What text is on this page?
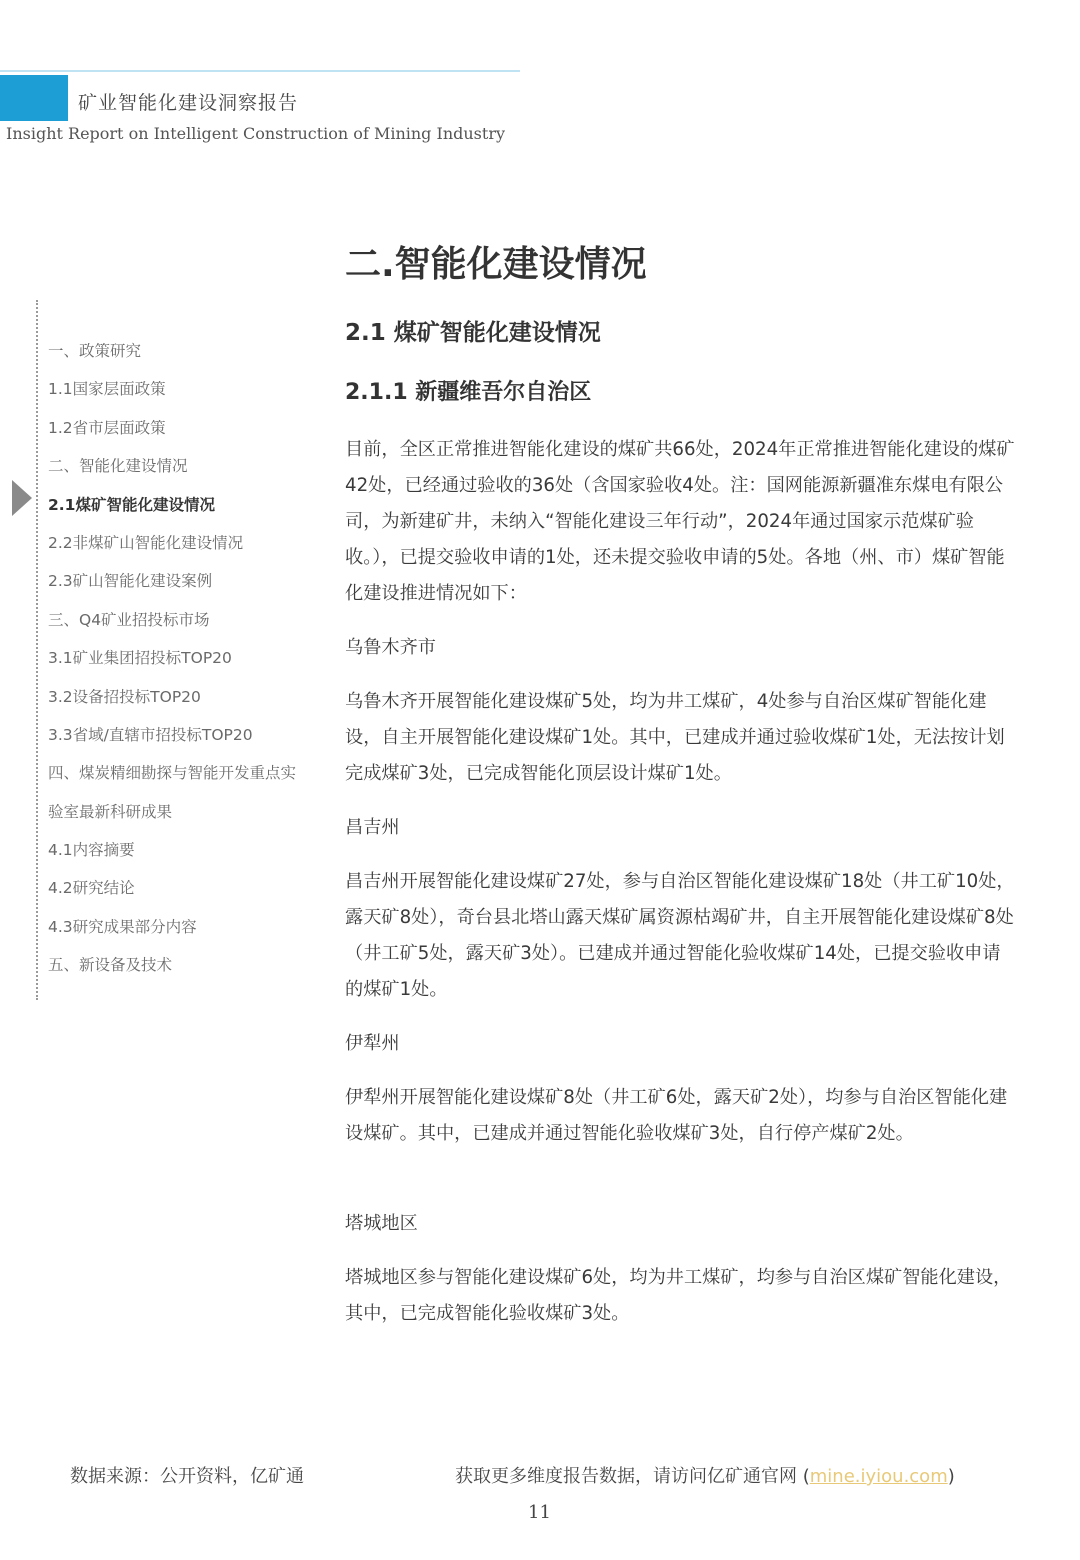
矿业智能化建设洞察报告
Insight Report on Intelligent Construction of Mining Industry
二.智能化建设情况
一、政策研究
1.1国家层面政策
1.2省市层面政策
二、智能化建设情况
2.1煤矿智能化建设情况
2.2非煤矿山智能化建设情况
2.3矿山智能化建设案例
三、Q4矿业招投标市场
3.1矿业集团招投标TOP20
3.2设备招投标TOP20
3.3省域/直辖市招投标TOP20
四、煤炭精细勘探与智能开发重点实
验室最新科研成果
4.1内容摘要
4.2研究结论
4.3研究成果部分内容
五、新设备及技术
2.1 煤矿智能化建设情况
2.1.1 新疆维吾尔自治区

目前，全区正常推进智能化建设的煤矿共66处，2024年正常推进智能化建设的煤矿42处，已经通过验收的36处（含国家验收4处。注：国网能源新疆准东煤电有限公司，为新建矿井，未纳入“智能化建设三年行动”，2024年通过国家示范煤矿验收。），已提交验收申请的1处，还未提交验收申请的5处。各地（州、市）煤矿智能化建设推进情况如下：

乌鲁木齐市

乌鲁木齐开展智能化建设煤矿5处，均为井工煤矿，4处参与自治区煤矿智能化建设，自主开展智能化建设煤矿1处。其中，已建成并通过验收煤矿1处，无法按计划完成煤矿3处，已完成智能化顶层设计煤矿1处。

昌吉州

昌吉州开展智能化建设煤矿27处，参与自治区智能化建设煤矿18处（井工矿10处，露天矿8处），奇台县北塔山露天煤矿属资源枯竭矿井，自主开展智能化建设煤矿8处（井工矿5处，露天矿3处）。已建成并通过智能化验收煤矿14处，已提交验收申请的煤矿1处。

伊犁州

伊犁州开展智能化建设煤矿8处（井工矿6处，露天矿2处），均参与自治区智能化建设煤矿。其中，已建成并通过智能化验收煤矿3处，自行停产煤矿2处。

塔城地区

塔城地区参与智能化建设煤矿6处，均为井工煤矿，均参与自治区煤矿智能化建设，其中，已完成智能化验收煤矿3处。

数据来源：公开资料，亿矿通	获取更多维度报告数据，请访问亿矿通官网 (mine.iyiou.com)
11
